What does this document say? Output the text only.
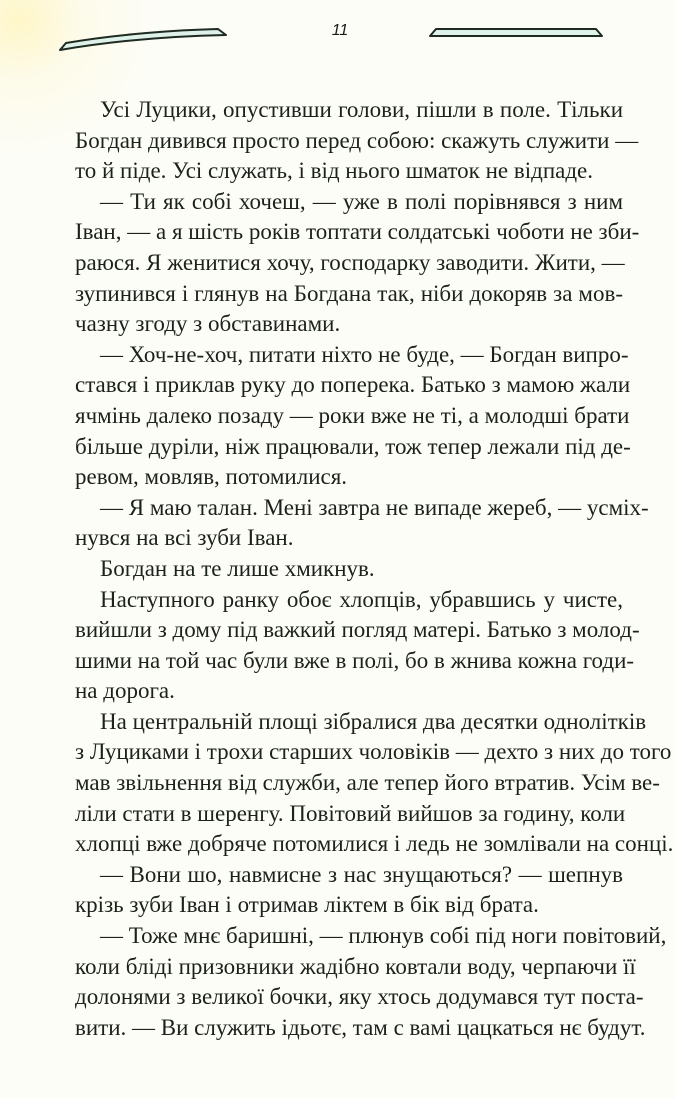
11
Усі Луцики, опустивши голови, пішли в поле. Тільки
Богдан дивився просто перед собою: скажуть служити —
то й піде. Усі служать, і від нього шматок не відпаде.
— Ти як собі хочеш, — уже в полі порівнявся з ним
Іван, — а я шість років топтати солдатські чоботи не зби-
раюся. Я женитися хочу, господарку заводити. Жити, —
зупинився і глянув на Богдана так, ніби докоряв за мов-
чазну згоду з обставинами.
— Хоч-не-хоч, питати ніхто не буде, — Богдан випро-
стався і приклав руку до поперека. Батько з мамою жали
ячмінь далеко позаду — роки вже не ті, а молодші брати
більше дуріли, ніж працювали, тож тепер лежали під де-
ревом, мовляв, потомилися.
— Я маю талан. Мені завтра не випаде жереб, — усміх-
нувся на всі зуби Іван.
Богдан на те лише хмикнув.
Наступного ранку обоє хлопців, убравшись у чисте,
вийшли з дому під важкий погляд матері. Батько з молод-
шими на той час були вже в полі, бо в жнива кожна годи-
на дорога.
На центральній площі зібралися два десятки однолітків
з Луциками і трохи старших чоловіків — дехто з них до того
мав звільнення від служби, але тепер його втратив. Усім ве-
ліли стати в шеренгу. Повітовий вийшов за годину, коли
хлопці вже добряче потомилися і ледь не зомлівали на сонці.
— Вони шо, навмисне з нас знущаються? — шепнув
крізь зуби Іван і отримав ліктем в бік від брата.
— Тоже мнє баришні, — плюнув собі під ноги повітовий,
коли бліді призовники жадібно ковтали воду, черпаючи її
долонями з великої бочки, яку хтось додумався тут постa-
вити. — Ви служить ідьотє, там с вамі цацкаться нє будут.
